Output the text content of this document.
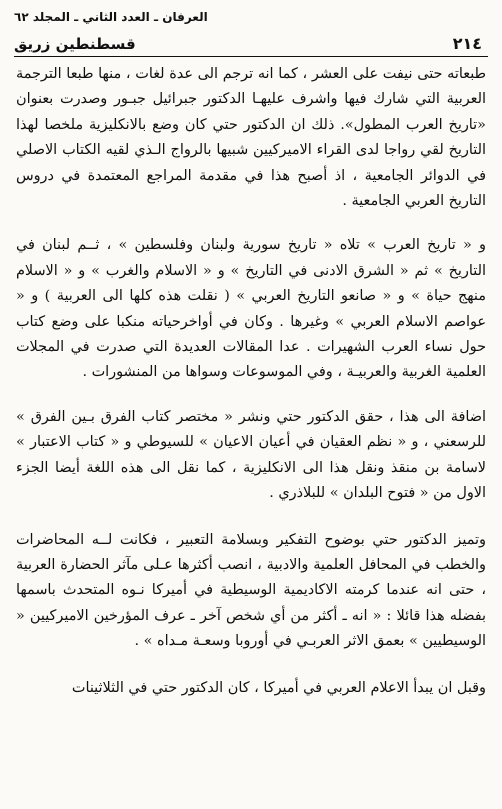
العرفان ـ العدد الثاني ـ المجلد ٦٢
قسطنطين زريق	٢١٤

طبعاته حتى نيفت على العشر ، كما انه ترجم الى عدة لغات ، منها طبعا الترجمة العربية التي شارك فيها واشرف عليهـا الدكتور جبرائيل جبـور وصدرت بعنوان «تاريخ العرب المطول». ذلك ان الدكتور حتي كان وضع بالانكليزية ملخصا لهذا التاريخ لقي رواجا لدى القراء الاميركيين شبيها بالرواج الـذي لقيه الكتاب الاصلي في الدوائر الجامعية ، اذ أصبح هذا في مقدمة المراجع المعتمدة في دروس التاريخ العربي الجامعية .

و « تاريخ العرب » تلاه « تاريخ سورية ولبنان وفلسطين » ، ثــم لبنان في التاريخ » ثم « الشرق الادنى في التاريخ » و « الاسلام والغرب » و « الاسلام منهج حياة » و « صانعو التاريخ العربي » ( نقلت هذه كلها الى العربية ) و « عواصم الاسلام العربي » وغيرها . وكان في أواخرحياته منكبا على وضع كتاب حول نساء العرب الشهيرات . عدا المقالات العديدة التي صدرت في المجلات العلمية الغربية والعربيـة ، وفي الموسوعات وسواها من المنشورات .

اضافة الى هذا ، حقق الدكتور حتي ونشر « مختصر كتاب الفرق بـين الفرق » للرسعني ، و « نظم العقيان في أعيان الاعيان » للسيوطي و « كتاب الاعتبار » لاسامة بن منقذ ونقل هذا الى الانكليزية ، كما نقل الى هذه اللغة أيضا الجزء الاول من « فتوح البلدان » للبلاذري .

وتميز الدكتور حتي بوضوح التفكير وبسلامة التعبير ، فكانت لــه المحاضرات والخطب في المحافل العلمية والادبية ، انصب أكثرها عـلى مآثر الحضارة العربية ، حتى انه عندما كرمته الاكاديمية الوسيطية في أميركا نـوه المتحدث باسمها بفضله هذا قائلا : « انه ـ أكثر من أي شخص آخر ـ عرف المؤرخين الاميركيين « الوسيطيين » بعمق الاثر العربـي في أوروبا وسعـة مـداه » .

وقبل ان يبدأ الاعلام العربي في أميركا ، كان الدكتور حتي في الثلاثينات
